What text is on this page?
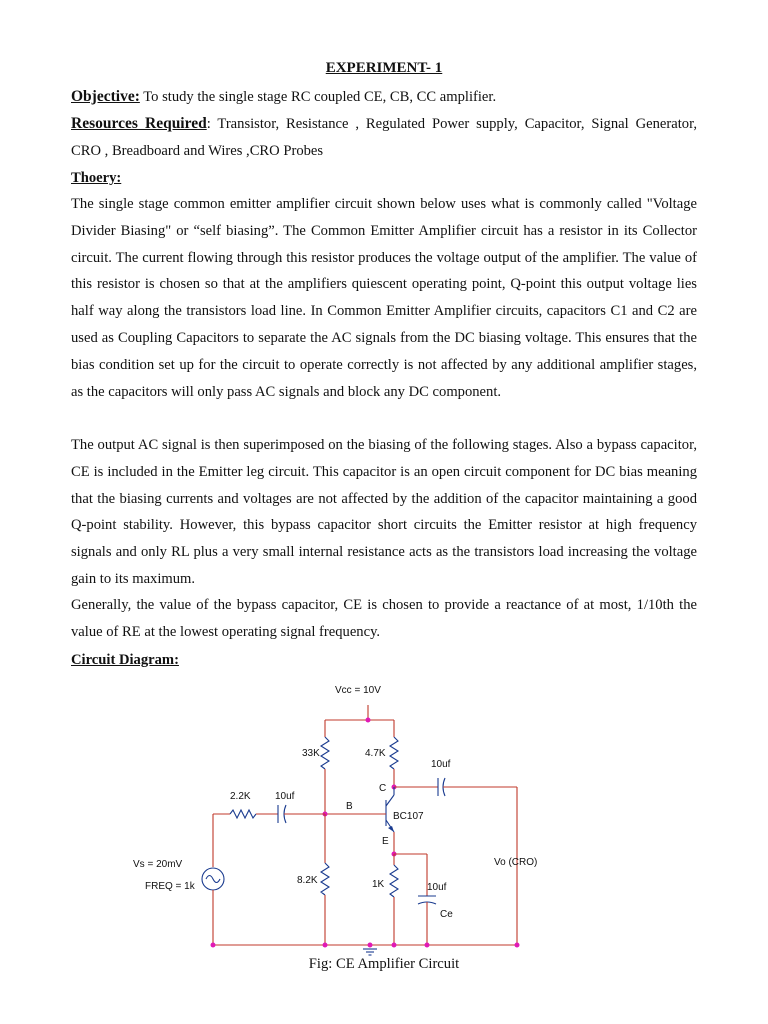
EXPERIMENT- 1
Objective: To study the single stage RC coupled CE, CB, CC amplifier.
Resources Required: Transistor, Resistance , Regulated Power supply, Capacitor, Signal Generator, CRO , Breadboard and Wires ,CRO Probes
Thoery:
The single stage common emitter amplifier circuit shown below uses what is commonly called "Voltage Divider Biasing" or “self biasing”. The Common Emitter Amplifier circuit has a resistor in its Collector circuit. The current flowing through this resistor produces the voltage output of the amplifier. The value of this resistor is chosen so that at the amplifiers quiescent operating point, Q-point this output voltage lies half way along the transistors load line. In Common Emitter Amplifier circuits, capacitors C1 and C2 are used as Coupling Capacitors to separate the AC signals from the DC biasing voltage. This ensures that the bias condition set up for the circuit to operate correctly is not affected by any additional amplifier stages, as the capacitors will only pass AC signals and block any DC component.
The output AC signal is then superimposed on the biasing of the following stages. Also a bypass capacitor, CE is included in the Emitter leg circuit. This capacitor is an open circuit component for DC bias meaning that the biasing currents and voltages are not affected by the addition of the capacitor maintaining a good Q-point stability. However, this bypass capacitor short circuits the Emitter resistor at high frequency signals and only RL plus a very small internal resistance acts as the transistors load increasing the voltage gain to its maximum.
Generally, the value of the bypass capacitor, CE is chosen to provide a reactance of at most, 1/10th the value of RE at the lowest operating signal frequency.
Circuit Diagram:
Vcc = 10V
33K	4.7K
10uf
C
2.2K 10uf
B
BC107
E
Vs = 20mV
FREQ = 1k
8.2K	1K	10uf
Ce
Vo (CRO)
Fig: CE Amplifier Circuit
